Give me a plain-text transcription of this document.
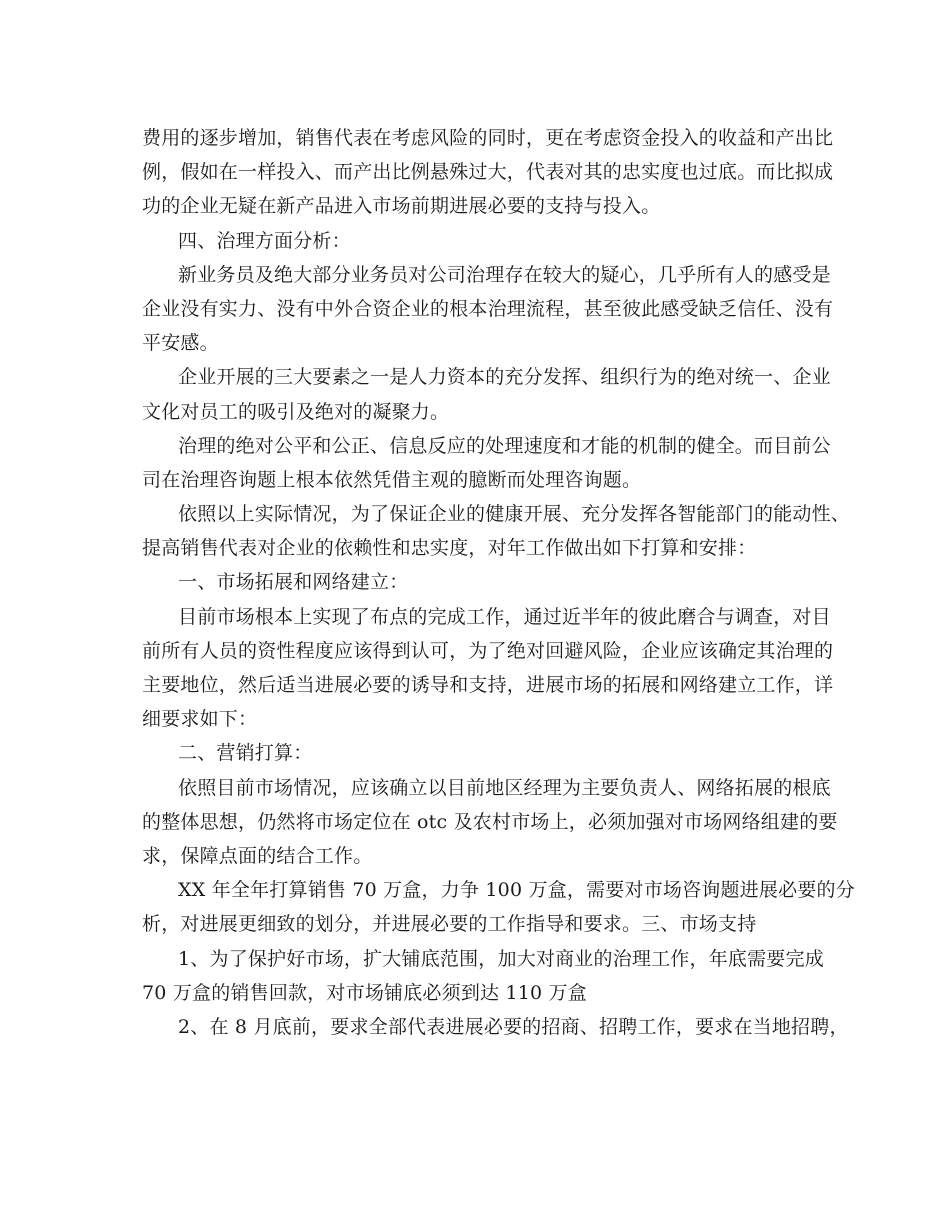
费用的逐步增加，销售代表在考虑风险的同时，更在考虑资金投入的收益和产出比
例，假如在一样投入、而产出比例悬殊过大，代表对其的忠实度也过底。而比拟成
功的企业无疑在新产品进入市场前期进展必要的支持与投入。

四、治理方面分析：

新业务员及绝大部分业务员对公司治理存在较大的疑心，几乎所有人的感受是
企业没有实力、没有中外合资企业的根本治理流程，甚至彼此感受缺乏信任、没有
平安感。

企业开展的三大要素之一是人力资本的充分发挥、组织行为的绝对统一、企业
文化对员工的吸引及绝对的凝聚力。

治理的绝对公平和公正、信息反应的处理速度和才能的机制的健全。而目前公
司在治理咨询题上根本依然凭借主观的臆断而处理咨询题。

依照以上实际情况，为了保证企业的健康开展、充分发挥各智能部门的能动性、
提高销售代表对企业的依赖性和忠实度，对年工作做出如下打算和安排：

一、市场拓展和网络建立：

目前市场根本上实现了布点的完成工作，通过近半年的彼此磨合与调查，对目
前所有人员的资性程度应该得到认可，为了绝对回避风险，企业应该确定其治理的
主要地位，然后适当进展必要的诱导和支持，进展市场的拓展和网络建立工作，详
细要求如下：

二、营销打算：

依照目前市场情况，应该确立以目前地区经理为主要负责人、网络拓展的根底
的整体思想，仍然将市场定位在 otc 及农村市场上，必须加强对市场网络组建的要
求，保障点面的结合工作。

XX 年全年打算销售 70 万盒，力争 100 万盒，需要对市场咨询题进展必要的分
析，对进展更细致的划分，并进展必要的工作指导和要求。三、市场支持

1、为了保护好市场，扩大铺底范围，加大对商业的治理工作，年底需要完成
70 万盒的销售回款，对市场铺底必须到达 110 万盒

2、在 8 月底前，要求全部代表进展必要的招商、招聘工作，要求在当地招聘，
